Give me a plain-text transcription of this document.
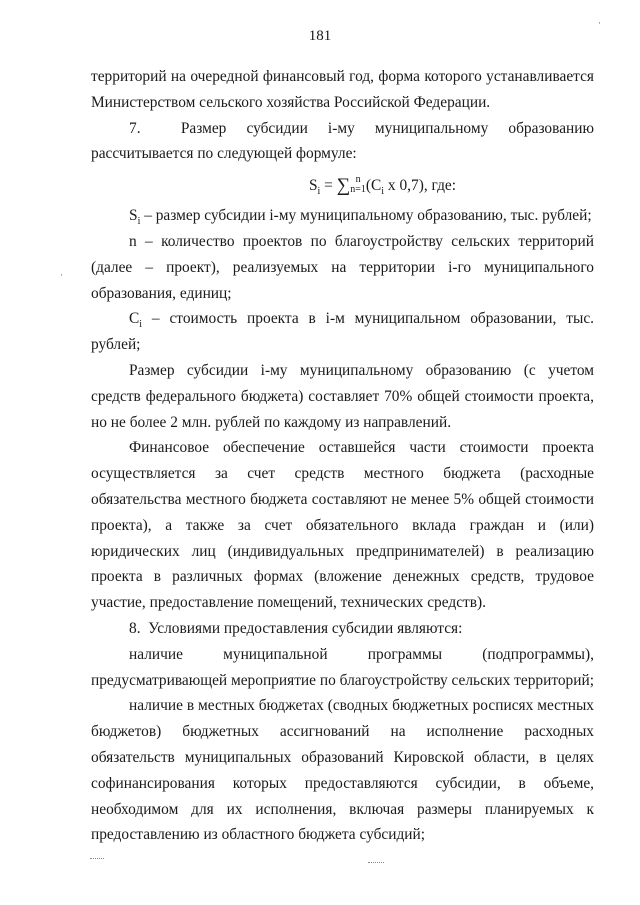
181

территорий на очередной финансовый год, форма которого устанавливается Министерством сельского хозяйства Российской Федерации.

7.	Размер субсидии i-му муниципальному образованию рассчитывается по следующей формуле:

$S_i$ = ∑ n
n=1 ($C_i$ x 0,7), где:

$S_i$ – размер субсидии i-му муниципальному образованию, тыс. рублей;

n – количество проектов по благоустройству сельских территорий (далее – проект), реализуемых на территории i-го муниципального образования, единиц;

$C_i$ – стоимость проекта в i-м муниципальном образовании, тыс. рублей;

Размер субсидии i-му муниципальному образованию (с учетом средств федерального бюджета) составляет 70% общей стоимости проекта, но не более 2 млн. рублей по каждому из направлений.

Финансовое обеспечение оставшейся части стоимости проекта осуществляется за счет средств местного бюджета (расходные обязательства местного бюджета составляют не менее 5% общей стоимости проекта), а также за счет обязательного вклада граждан и (или) юридических лиц (индивидуальных предпринимателей) в реализацию проекта в различных формах (вложение денежных средств, трудовое участие, предоставление помещений, технических средств).

8. Условиями предоставления субсидии являются:

наличие муниципальной программы (подпрограммы), предусматривающей мероприятие по благоустройству сельских территорий;

наличие в местных бюджетах (сводных бюджетных росписях местных бюджетов) бюджетных ассигнований на исполнение расходных обязательств муниципальных образований Кировской области, в целях софинансирования которых предоставляются субсидии, в объеме, необходимом для их исполнения, включая размеры планируемых к предоставлению из областного бюджета субсидий;

·
·
